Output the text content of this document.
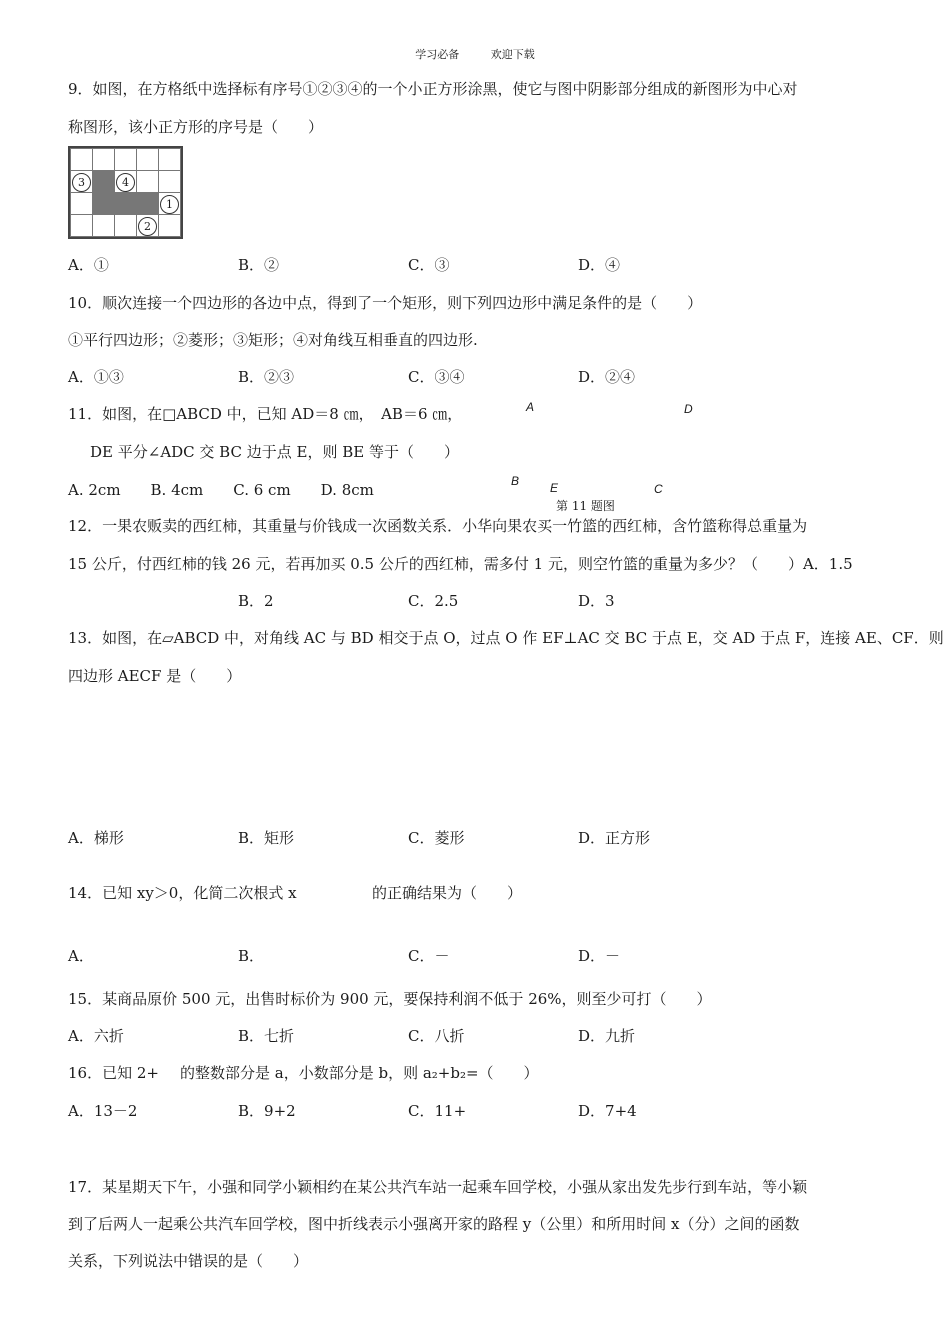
学习必备	欢迎下载
9．如图，在方格纸中选择标有序号①②③④的一个小正方形涂黑，使它与图中阴影部分组成的新图形为中心对
称图形，该小正方形的序号是（　　）

3		4		
				1
			2	
A．①	B．②	C．③	D．④
10．顺次连接一个四边形的各边中点，得到了一个矩形，则下列四边形中满足条件的是（　　）
①平行四边形；②菱形；③矩形；④对角线互相垂直的四边形.
A．①③	B．②③	C．③④	D．②④
11．如图，在□ABCD 中，已知 AD＝8 ㎝，　AB＝6 ㎝，
DE 平分∠ADC 交 BC 边于点 E，则 BE 等于（　　）
A. 2cm　　B. 4cm　　C. 6 cm　　D. 8cm
A	D
B	E	C
第 11 题图
12．一果农贩卖的西红柿，其重量与价钱成一次函数关系．小华向果农买一竹篮的西红柿，含竹篮称得总重量为
15 公斤，付西红柿的钱 26 元，若再加买 0.5 公斤的西红柿，需多付 1 元，则空竹篮的重量为多少？（　　）A．1.5
B．2	C．2.5	D．3
13．如图，在▱ABCD 中，对角线 AC 与 BD 相交于点 O，过点 O 作 EF⊥AC 交 BC 于点 E，交 AD 于点 F，连接 AE、CF．则
四边形 AECF 是（　　）
A．梯形	B．矩形	C．菱形	D．正方形
14．已知 xy＞0，化简二次根式 x	的正确结果为（　　）
A．	B．	C．－	D．－
15．某商品原价 500 元，出售时标价为 900 元，要保持利润不低于 26%，则至少可打（　　）
A．六折	B．七折	C．八折	D．九折
16．已知 2+ 的整数部分是 a，小数部分是 b，则 a₂+b₂=（　　）
A．13－2	B．9+2	C．11+	D．7+4
17．某星期天下午，小强和同学小颖相约在某公共汽车站一起乘车回学校，小强从家出发先步行到车站，等小颖
到了后两人一起乘公共汽车回学校，图中折线表示小强离开家的路程 y（公里）和所用时间 x（分）之间的函数
关系，下列说法中错误的是（　　）
